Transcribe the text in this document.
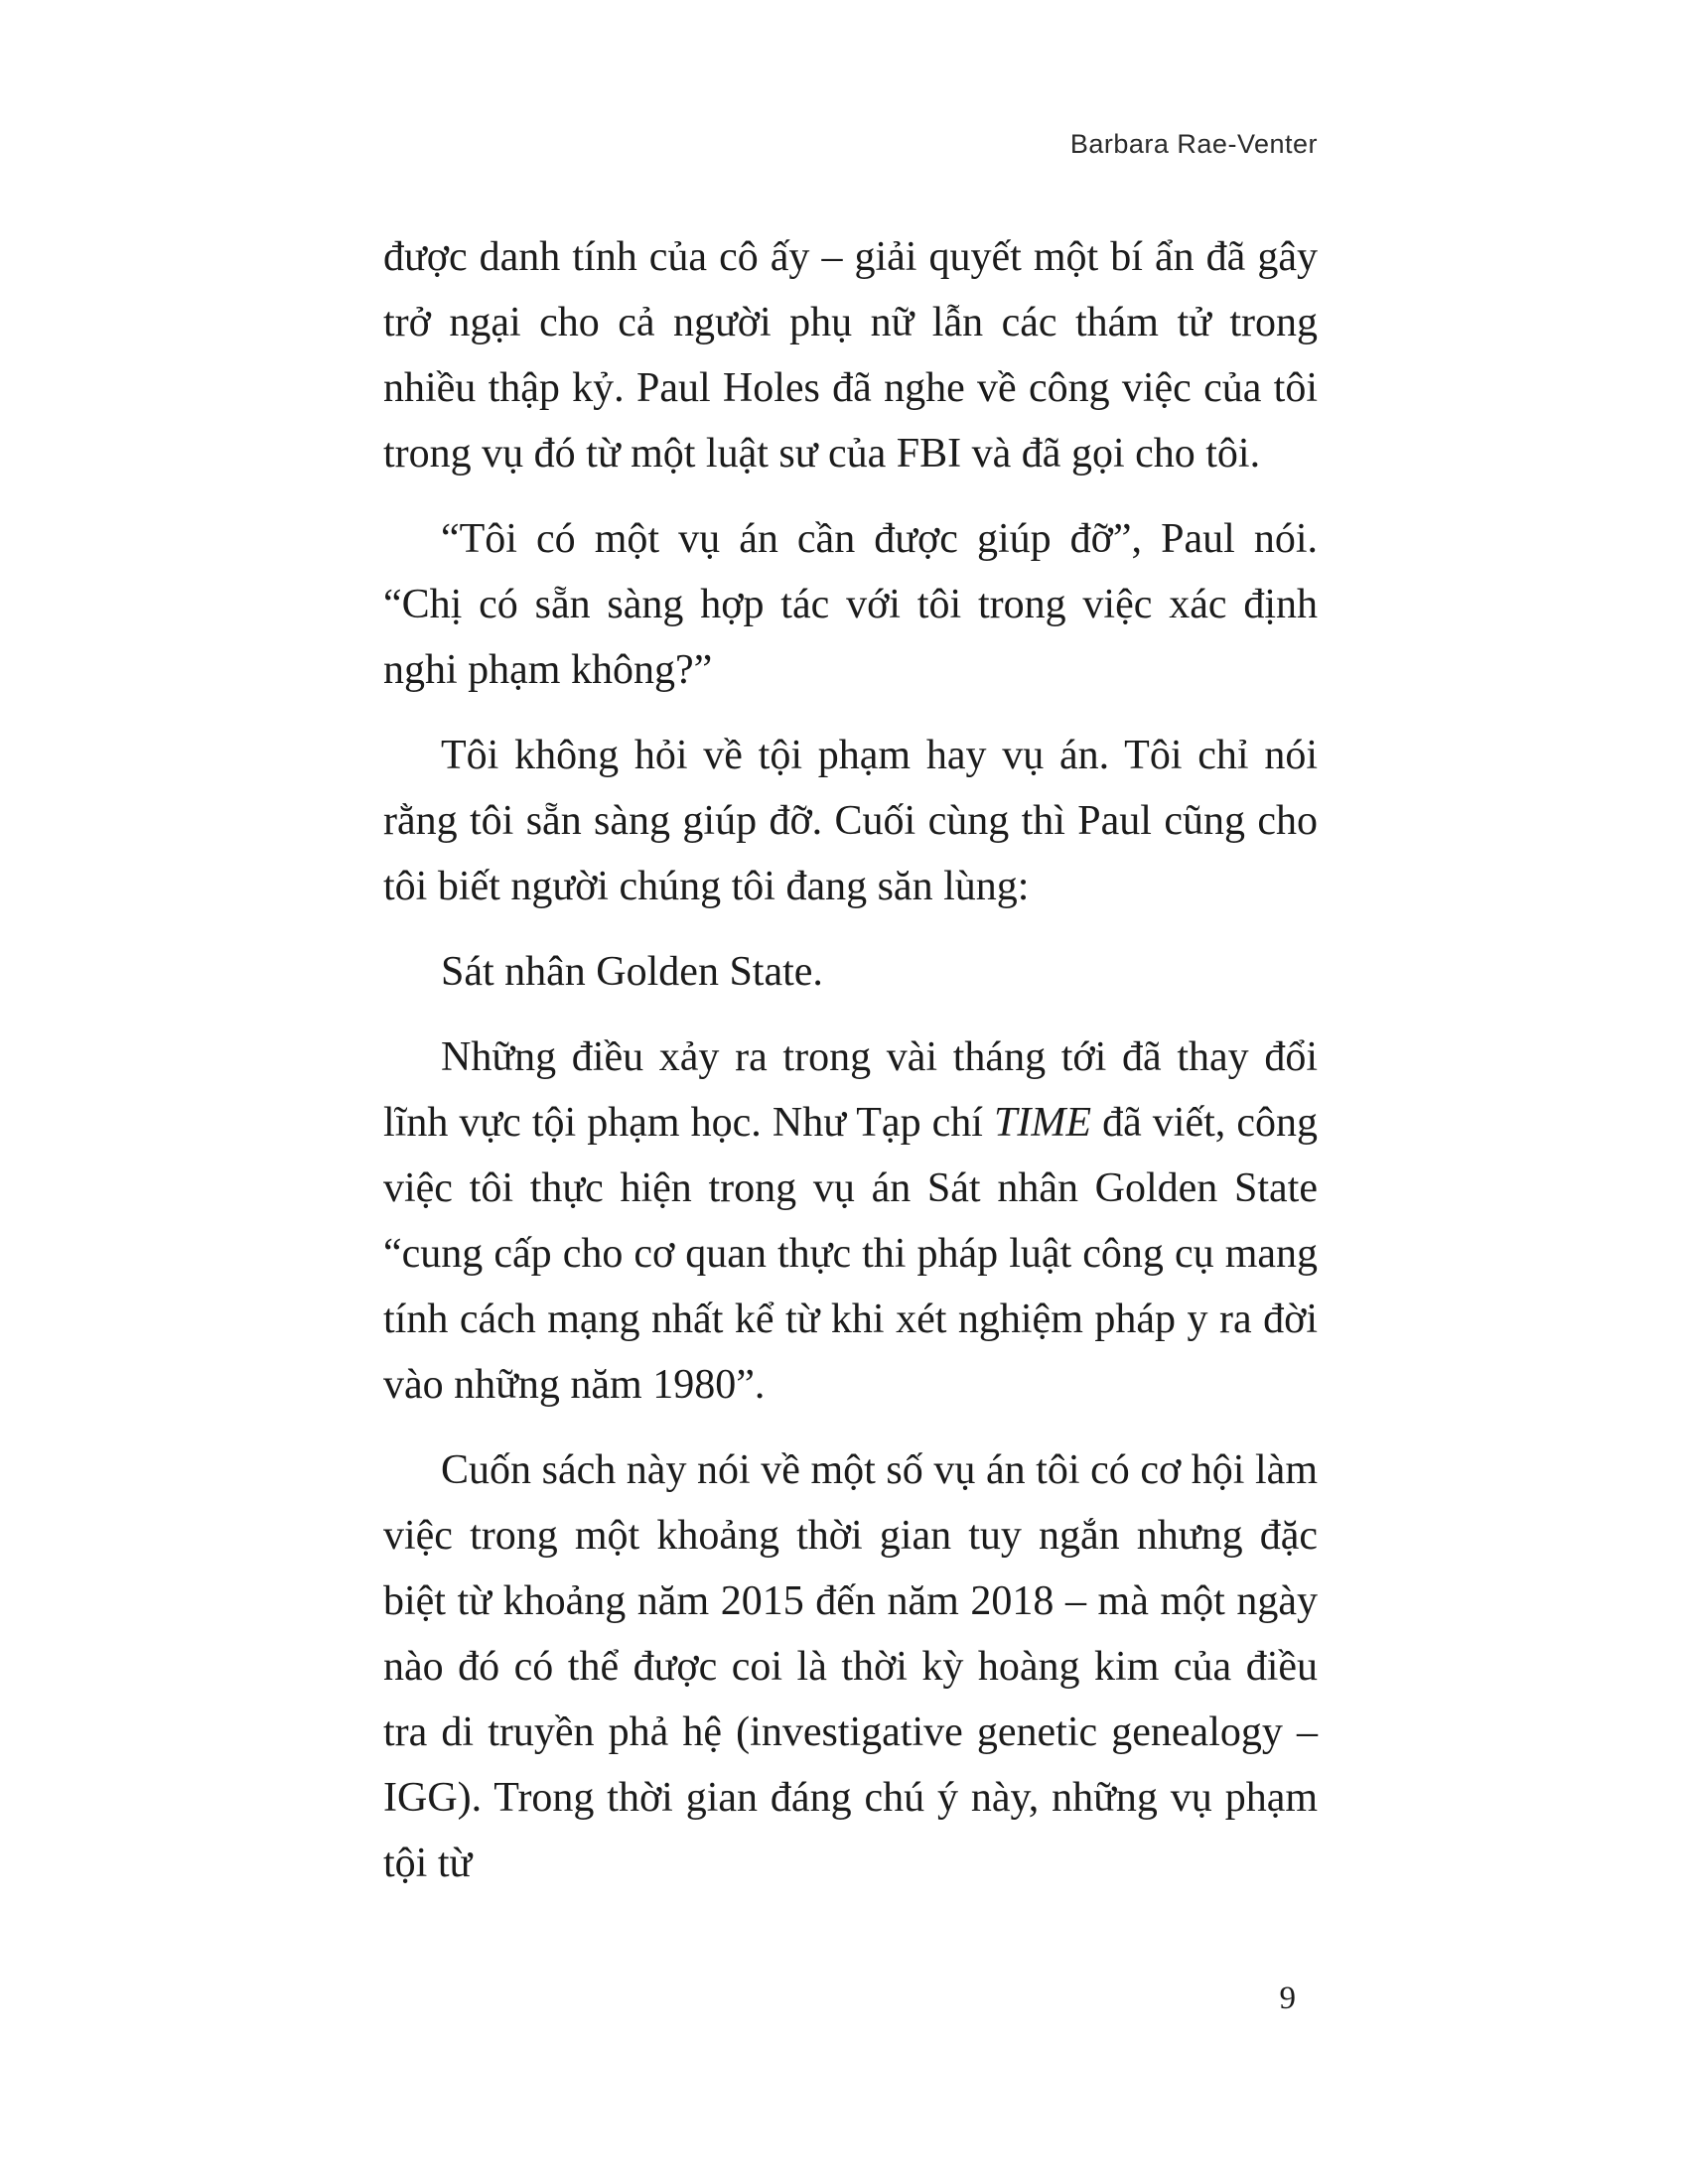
Barbara Rae-Venter

được danh tính của cô ấy – giải quyết một bí ẩn đã gây trở ngại cho cả người phụ nữ lẫn các thám tử trong nhiều thập kỷ. Paul Holes đã nghe về công việc của tôi trong vụ đó từ một luật sư của FBI và đã gọi cho tôi.

“Tôi có một vụ án cần được giúp đỡ”, Paul nói. “Chị có sẵn sàng hợp tác với tôi trong việc xác định nghi phạm không?”

Tôi không hỏi về tội phạm hay vụ án. Tôi chỉ nói rằng tôi sẵn sàng giúp đỡ. Cuối cùng thì Paul cũng cho tôi biết người chúng tôi đang săn lùng:

Sát nhân Golden State.

Những điều xảy ra trong vài tháng tới đã thay đổi lĩnh vực tội phạm học. Như Tạp chí TIME đã viết, công việc tôi thực hiện trong vụ án Sát nhân Golden State “cung cấp cho cơ quan thực thi pháp luật công cụ mang tính cách mạng nhất kể từ khi xét nghiệm pháp y ra đời vào những năm 1980”.

Cuốn sách này nói về một số vụ án tôi có cơ hội làm việc trong một khoảng thời gian tuy ngắn nhưng đặc biệt từ khoảng năm 2015 đến năm 2018 – mà một ngày nào đó có thể được coi là thời kỳ hoàng kim của điều tra di truyền phả hệ (investigative genetic genealogy – IGG). Trong thời gian đáng chú ý này, những vụ phạm tội từ

9
